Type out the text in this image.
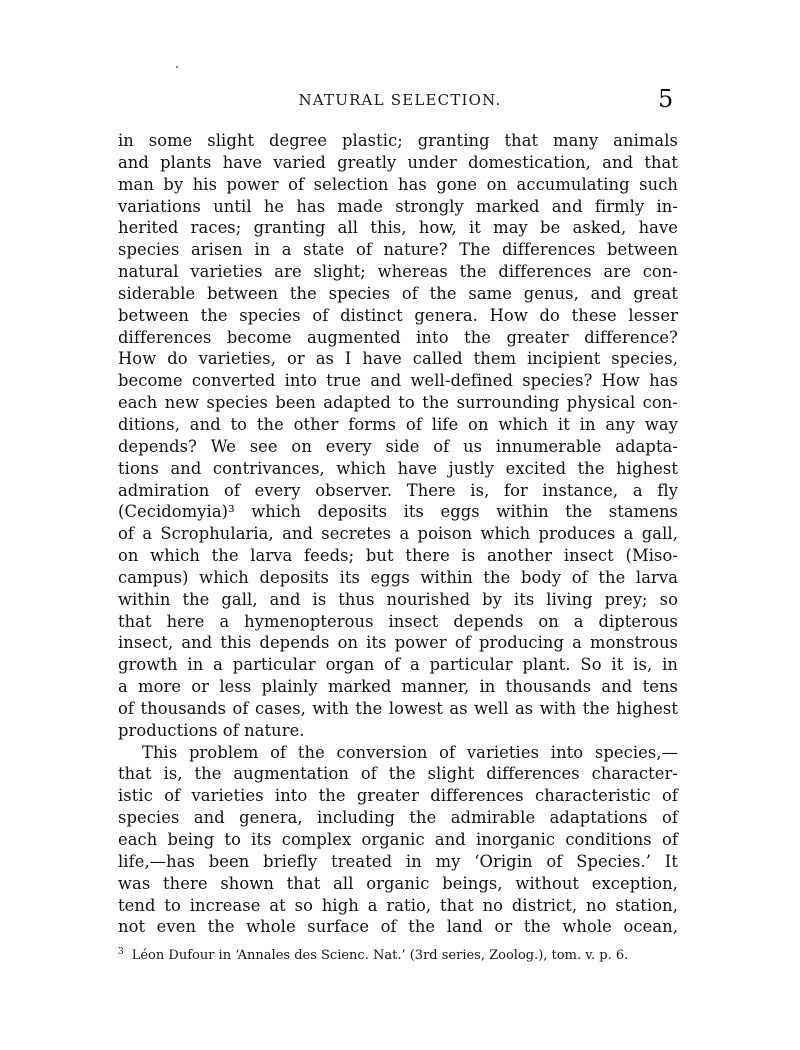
NATURAL SELECTION.	5
in some slight degree plastic; granting that many animals
and plants have varied greatly under domestication, and that
man by his power of selection has gone on accumulating such
variations until he has made strongly marked and firmly in-
herited races; granting all this, how, it may be asked, have
species arisen in a state of nature? The differences between
natural varieties are slight; whereas the differences are con-
siderable between the species of the same genus, and great
between the species of distinct genera. How do these lesser
differences become augmented into the greater difference?
How do varieties, or as I have called them incipient species,
become converted into true and well-defined species? How has
each new species been adapted to the surrounding physical con-
ditions, and to the other forms of life on which it in any way
depends? We see on every side of us innumerable adapta-
tions and contrivances, which have justly excited the highest
admiration of every observer. There is, for instance, a fly
(Cecidomyia)³ which deposits its eggs within the stamens
of a Scrophularia, and secretes a poison which produces a gall,
on which the larva feeds; but there is another insect (Miso-
campus) which deposits its eggs within the body of the larva
within the gall, and is thus nourished by its living prey; so
that here a hymenopterous insect depends on a dipterous
insect, and this depends on its power of producing a monstrous
growth in a particular organ of a particular plant. So it is, in
a more or less plainly marked manner, in thousands and tens
of thousands of cases, with the lowest as well as with the highest
productions of nature.
This problem of the conversion of varieties into species,—
that is, the augmentation of the slight differences character-
istic of varieties into the greater differences characteristic of
species and genera, including the admirable adaptations of
each being to its complex organic and inorganic conditions of
life,—has been briefly treated in my ‘Origin of Species.’ It
was there shown that all organic beings, without exception,
tend to increase at so high a ratio, that no district, no station,
not even the whole surface of the land or the whole ocean,
$^3$ Léon Dufour in ‘Annales des Scienc. Nat.’ (3rd series, Zoolog.), tom. v. p. 6.
